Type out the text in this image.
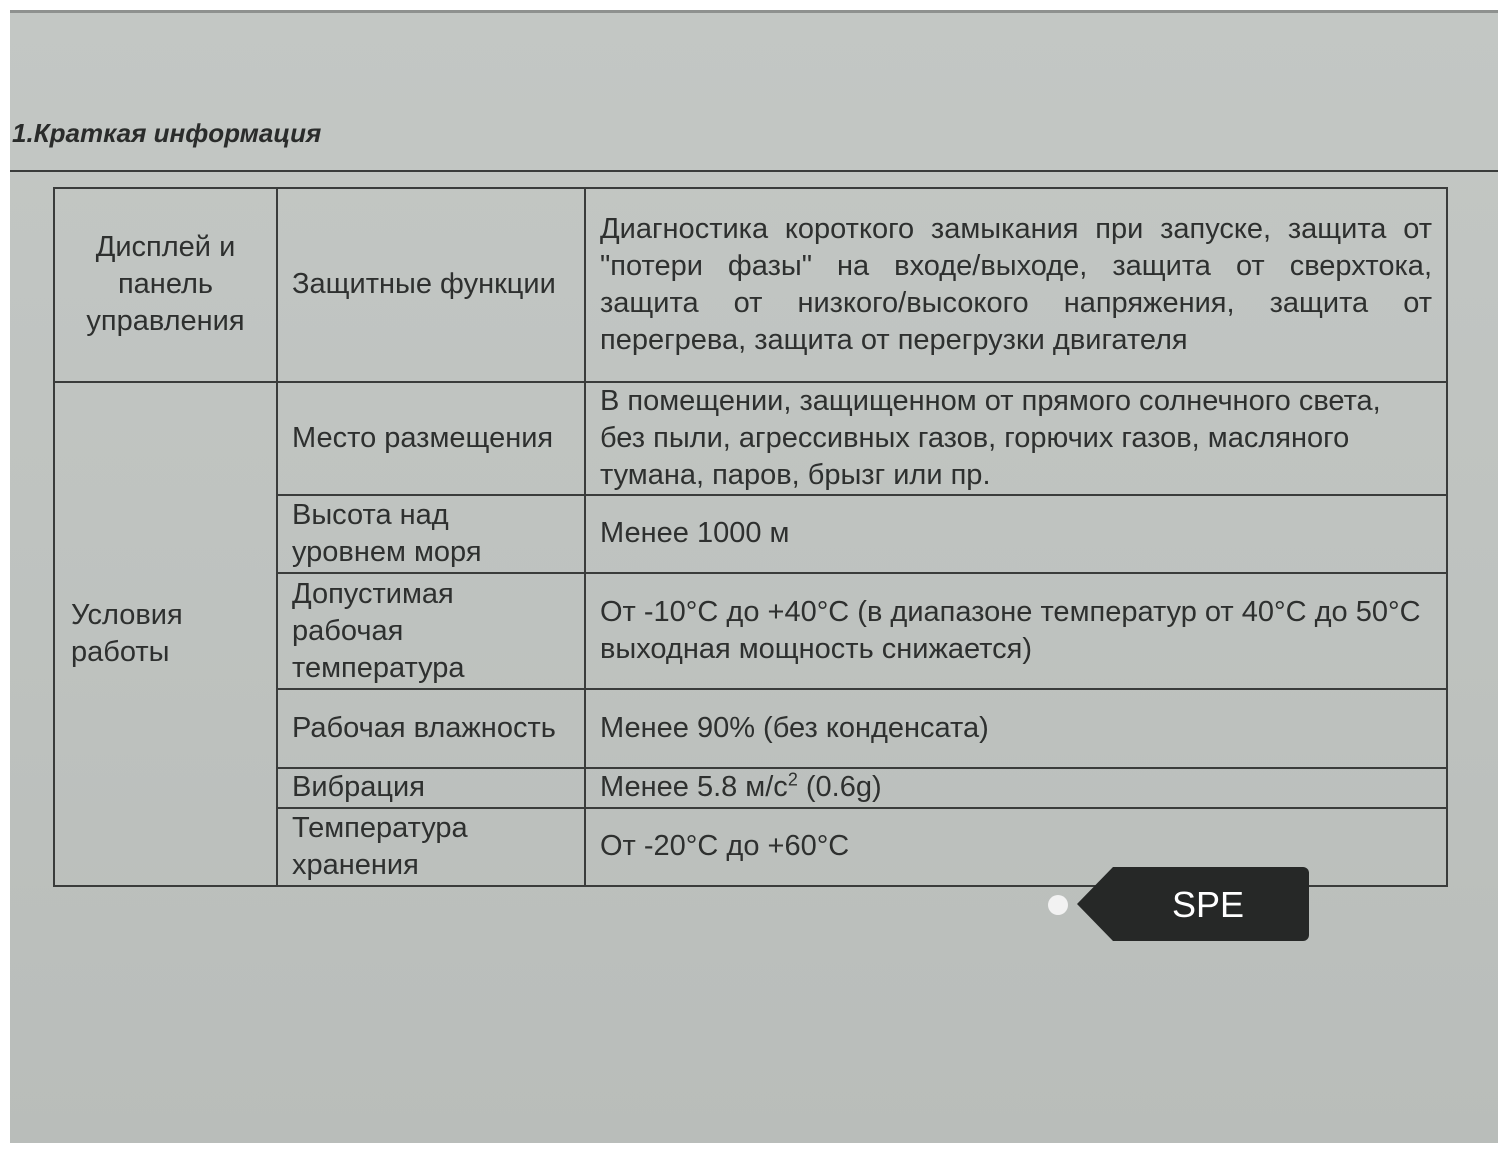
1.Краткая информация
Дисплей и панель управления	Защитные функции	Диагностика короткого замыкания при запуске, защита от "потери фазы" на входе/выходе, защита от сверхтока, защита от низкого/высокого напряжения, защита от перегрева, защита от перегрузки двигателя
Условия работы	Место размещения	В помещении, защищенном от прямого солнечного света, без пыли, агрессивных газов, горючих газов, масляного тумана, паров, брызг или пр.
	Высота над уровнем моря	Менее 1000 м
	Допустимая рабочая температура	От -10°C до +40°C (в диапазоне температур от 40°C до 50°C выходная мощность снижается)
	Рабочая влажность	Менее 90% (без конденсата)
	Вибрация	Менее 5.8 $м/с^2$ (0.6g)
	Температура хранения	От -20°C до +60°C
SPE
